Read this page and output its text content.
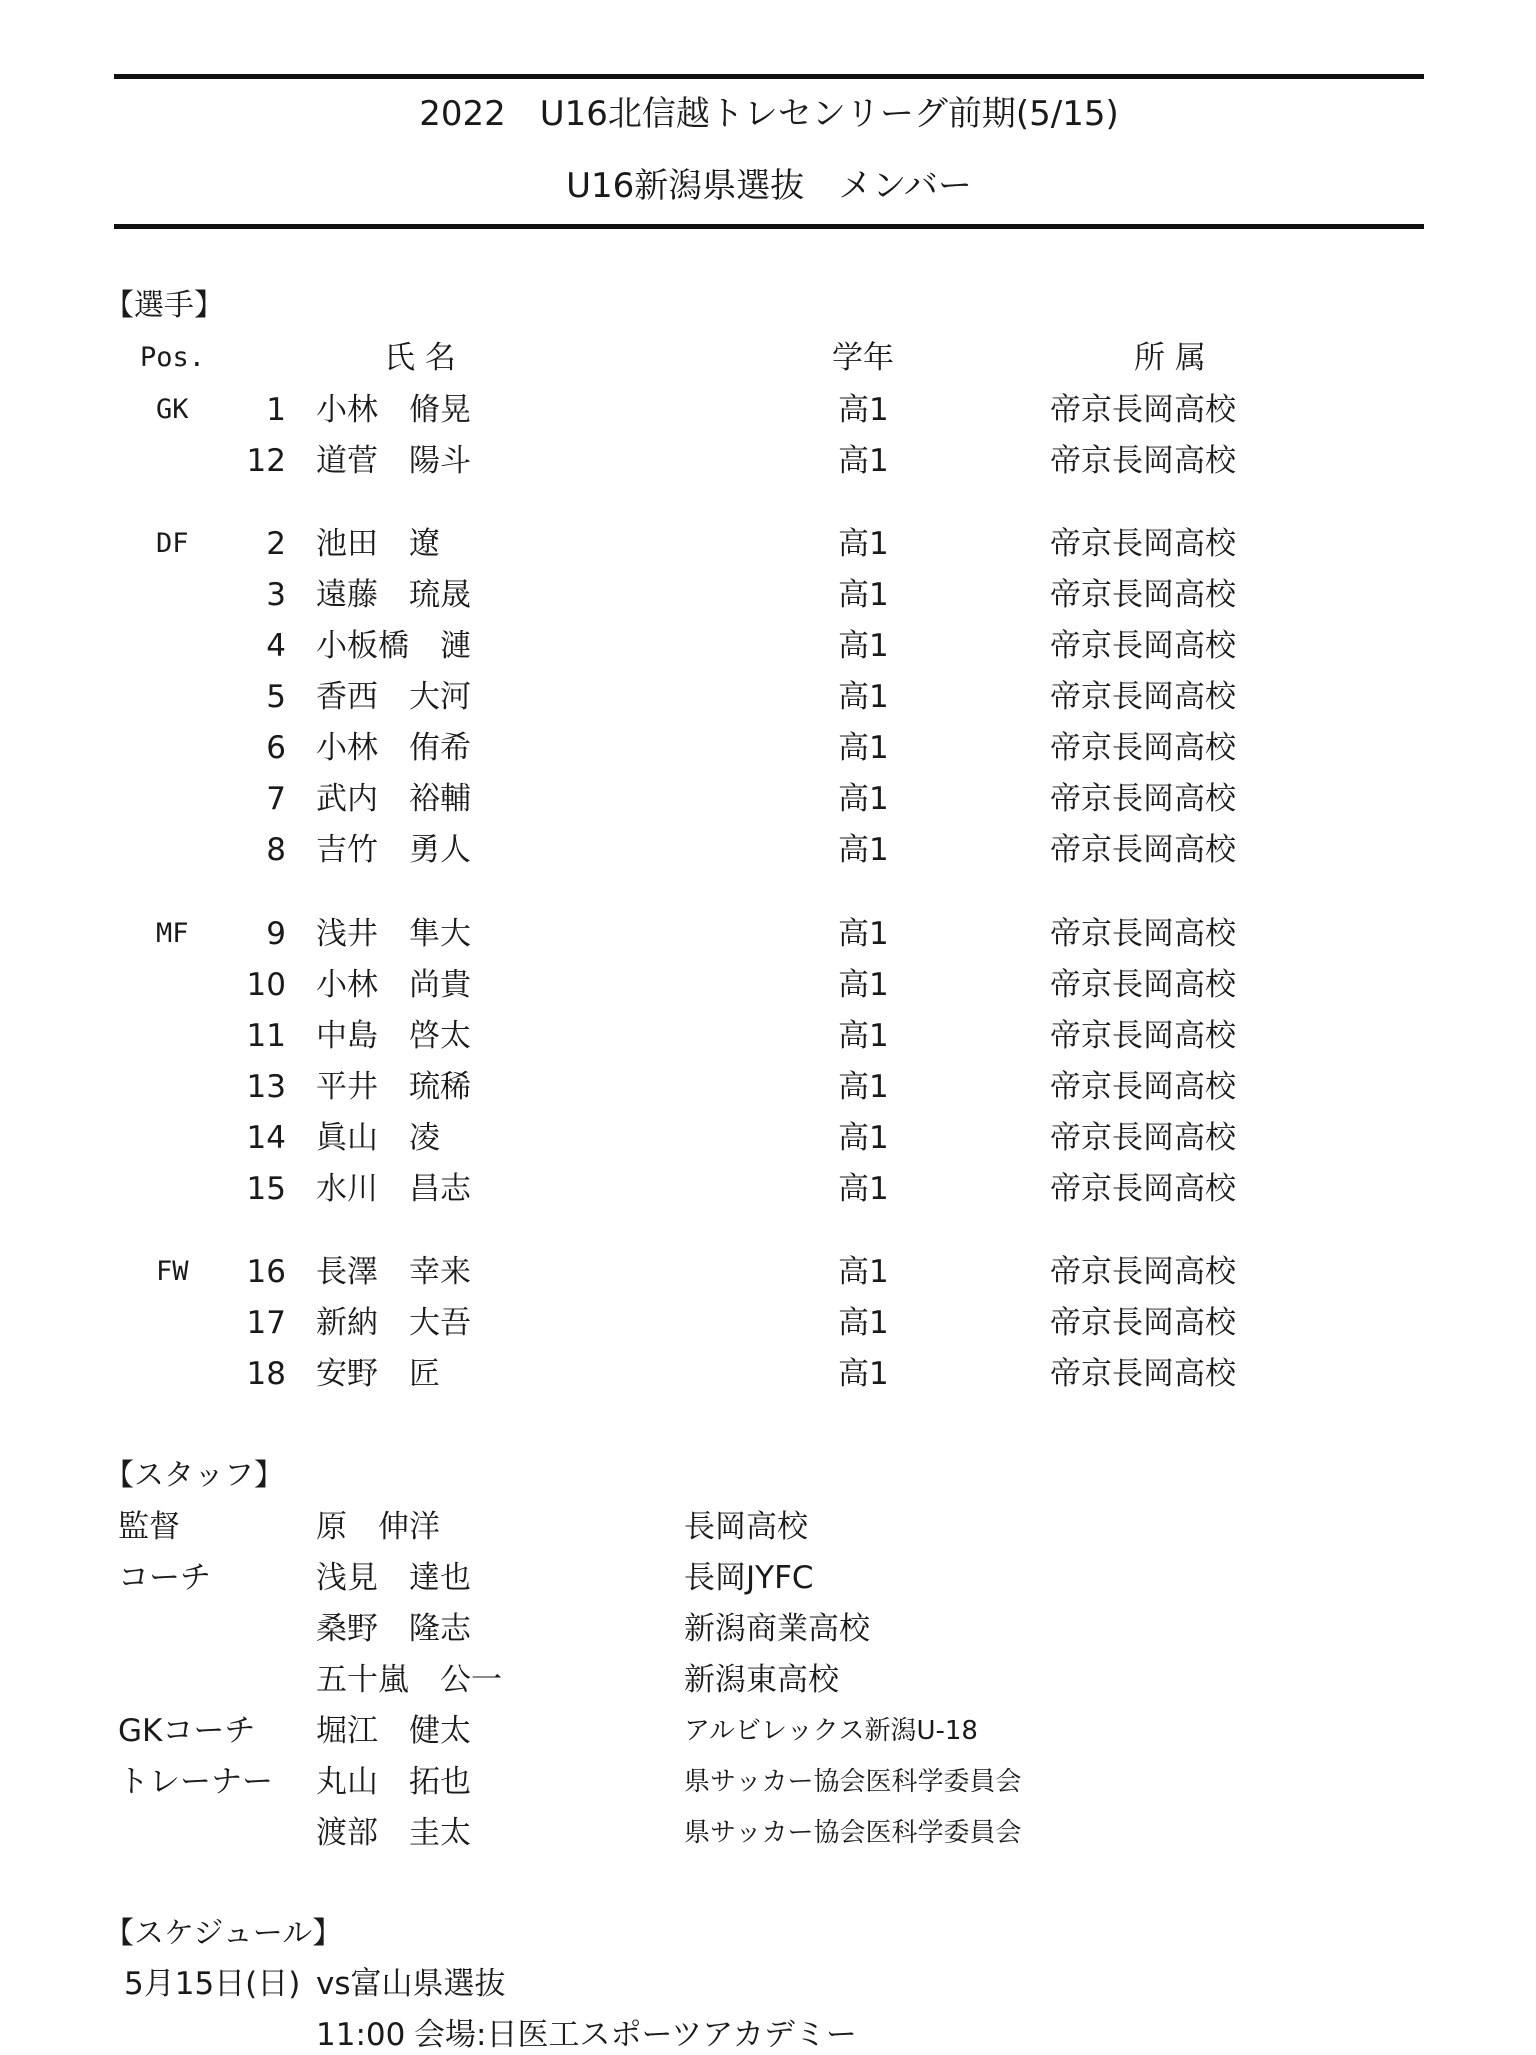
2022　U16北信越トレセンリーグ前期(5/15)
U16新潟県選抜　メンバー
【選手】
Pos.	氏 名	学年	所 属
GK	1 小林　脩晃	高1	帝京長岡高校
12 道菅　陽斗	高1	帝京長岡高校
DF	2 池田　遼	高1	帝京長岡高校
3 遠藤　琉晟	高1	帝京長岡高校
4 小板橋　漣	高1	帝京長岡高校
5 香西　大河	高1	帝京長岡高校
6 小林　侑希	高1	帝京長岡高校
7 武内　裕輔	高1	帝京長岡高校
8 吉竹　勇人	高1	帝京長岡高校
MF	9 浅井　隼大	高1	帝京長岡高校
10 小林　尚貴	高1	帝京長岡高校
11 中島　啓太	高1	帝京長岡高校
13 平井　琉稀	高1	帝京長岡高校
14 眞山　凌	高1	帝京長岡高校
15 水川　昌志	高1	帝京長岡高校
FW	16 長澤　幸来	高1	帝京長岡高校
17 新納　大吾	高1	帝京長岡高校
18 安野　匠	高1	帝京長岡高校
【スタッフ】
監督	原　伸洋	長岡高校
コーチ	浅見　達也	長岡JYFC
桑野　隆志	新潟商業高校
五十嵐　公一	新潟東高校
GKコーチ 堀江　健太	アルビレックス新潟U-18
トレーナー 丸山　拓也	県サッカー協会医科学委員会
渡部　圭太	県サッカー協会医科学委員会
【スケジュール】
5月15日(日) vs富山県選抜
11:00 会場:日医工スポーツアカデミー
